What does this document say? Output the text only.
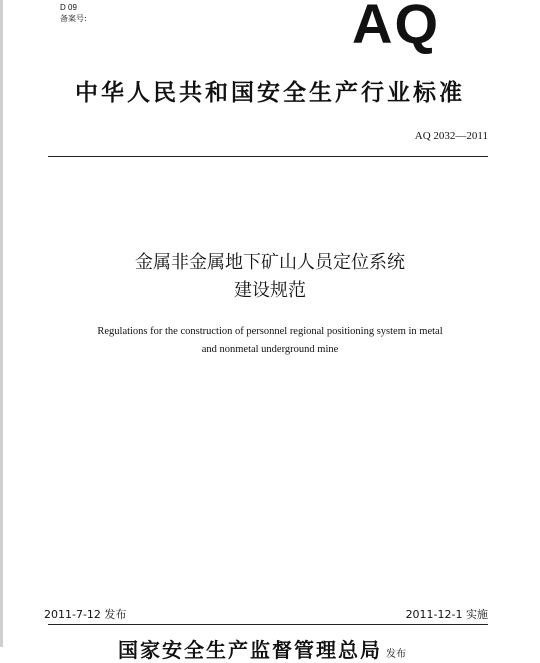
D 09
备案号:	AQ
中华人民共和国安全生产行业标准
AQ 2032—2011
金属非金属地下矿山人员定位系统
建设规范
Regulations for the construction of personnel regional positioning system in metal
and nonmetal underground mine
2011-7-12 发布	2011-12-1 实施
国家安全生产监督管理总局 发布
